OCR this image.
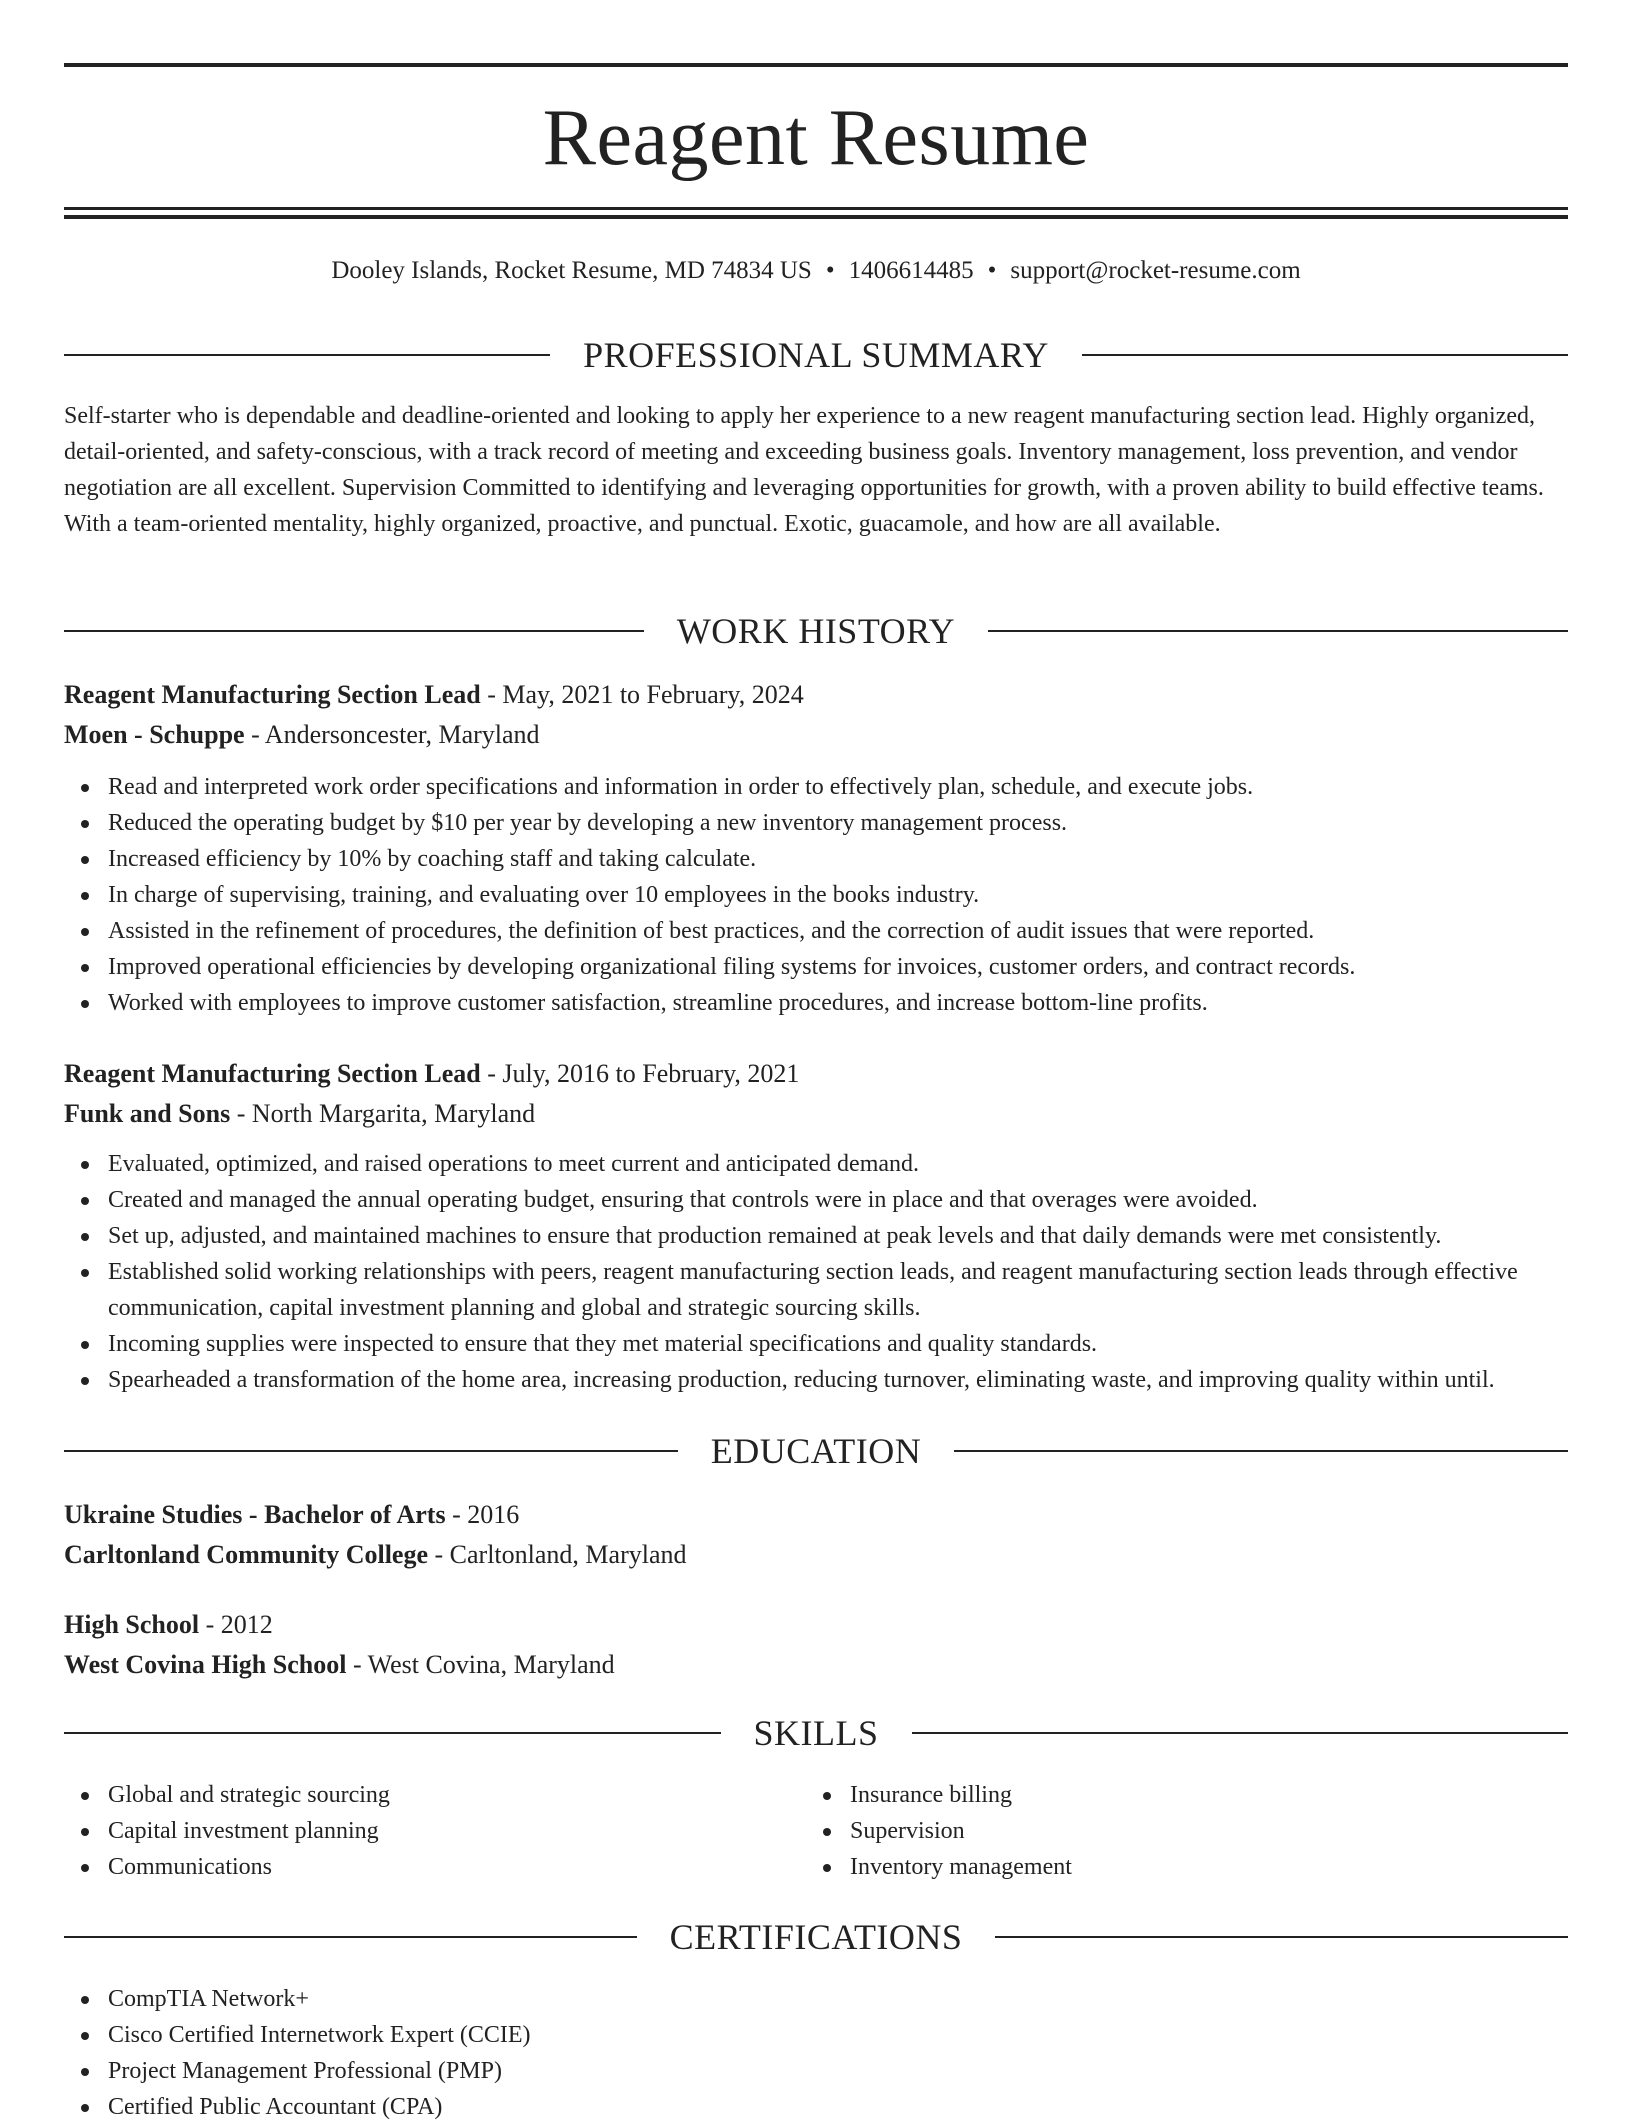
Reagent Resume
Dooley Islands, Rocket Resume, MD 74834 US • 1406614485 • support@rocket-resume.com
PROFESSIONAL SUMMARY

Self-starter who is dependable and deadline-oriented and looking to apply her experience to a new reagent manufacturing section lead. Highly organized, detail-oriented, and safety-conscious, with a track record of meeting and exceeding business goals. Inventory management, loss prevention, and vendor negotiation are all excellent. Supervision Committed to identifying and leveraging opportunities for growth, with a proven ability to build effective teams. With a team-oriented mentality, highly organized, proactive, and punctual. Exotic, guacamole, and how are all available.

WORK HISTORY
Reagent Manufacturing Section Lead - May, 2021 to February, 2024
Moen - Schuppe - Andersoncester, Maryland
Read and interpreted work order specifications and information in order to effectively plan, schedule, and execute jobs.
Reduced the operating budget by $10 per year by developing a new inventory management process.
Increased efficiency by 10% by coaching staff and taking calculate.
In charge of supervising, training, and evaluating over 10 employees in the books industry.
Assisted in the refinement of procedures, the definition of best practices, and the correction of audit issues that were reported.
Improved operational efficiencies by developing organizational filing systems for invoices, customer orders, and contract records.
Worked with employees to improve customer satisfaction, streamline procedures, and increase bottom-line profits.
Reagent Manufacturing Section Lead - July, 2016 to February, 2021
Funk and Sons - North Margarita, Maryland
Evaluated, optimized, and raised operations to meet current and anticipated demand.
Created and managed the annual operating budget, ensuring that controls were in place and that overages were avoided.
Set up, adjusted, and maintained machines to ensure that production remained at peak levels and that daily demands were met consistently.
Established solid working relationships with peers, reagent manufacturing section leads, and reagent manufacturing section leads through effective communication, capital investment planning and global and strategic sourcing skills.
Incoming supplies were inspected to ensure that they met material specifications and quality standards.
Spearheaded a transformation of the home area, increasing production, reducing turnover, eliminating waste, and improving quality within until.
EDUCATION
Ukraine Studies - Bachelor of Arts - 2016
Carltonland Community College - Carltonland, Maryland
High School - 2012
West Covina High School - West Covina, Maryland
SKILLS
Global and strategic sourcing
Capital investment planning
Communications
Insurance billing
Supervision
Inventory management
CERTIFICATIONS
CompTIA Network+
Cisco Certified Internetwork Expert (CCIE)
Project Management Professional (PMP)
Certified Public Accountant (CPA)
